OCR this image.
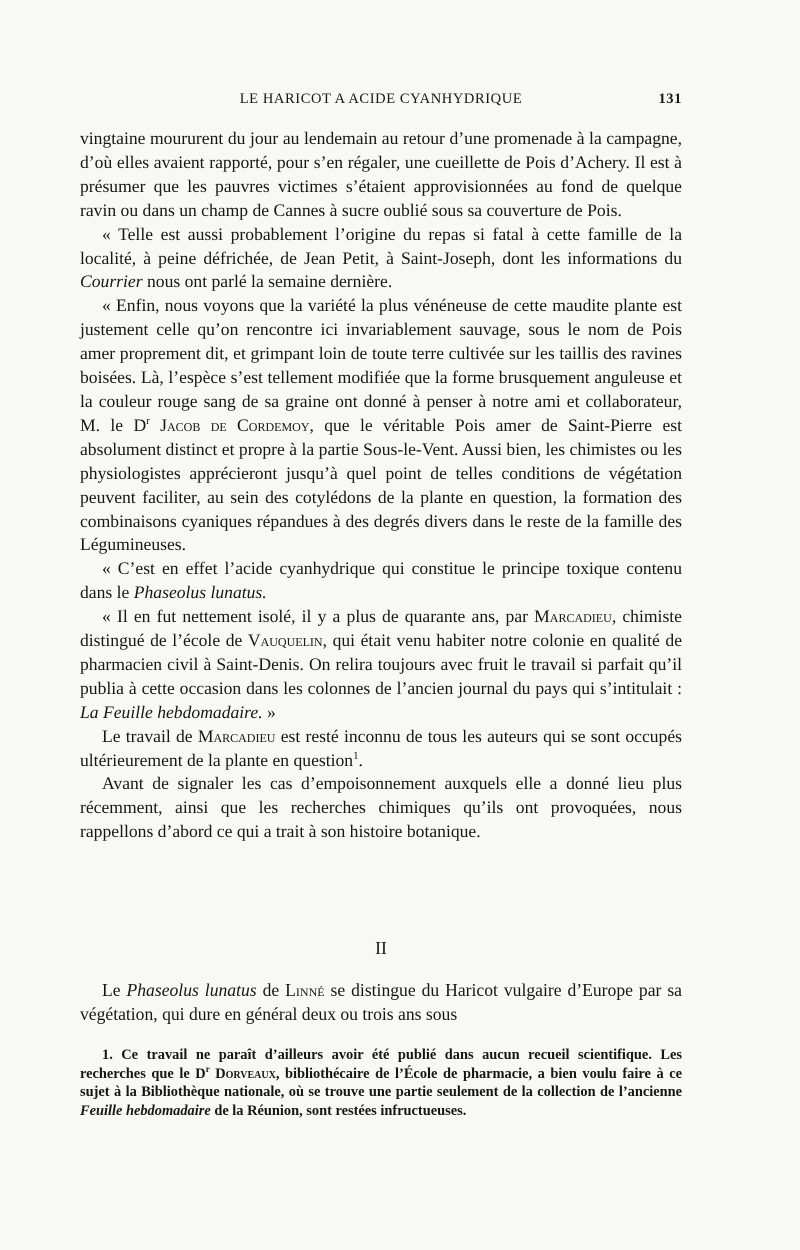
LE HARICOT A ACIDE CYANHYDRIQUE	131

vingtaine moururent du jour au lendemain au retour d’une promenade à la campagne, d’où elles avaient rapporté, pour s’en régaler, une cueillette de Pois d’Achery. Il est à présumer que les pauvres victimes s’étaient approvisionnées au fond de quelque ravin ou dans un champ de Cannes à sucre oublié sous sa couverture de Pois.

« Telle est aussi probablement l’origine du repas si fatal à cette famille de la localité, à peine défrichée, de Jean Petit, à Saint-Joseph, dont les informations du Courrier nous ont parlé la semaine dernière.

« Enfin, nous voyons que la variété la plus vénéneuse de cette maudite plante est justement celle qu’on rencontre ici invariablement sauvage, sous le nom de Pois amer proprement dit, et grimpant loin de toute terre cultivée sur les taillis des ravines boisées. Là, l’espèce s’est tellement modifiée que la forme brusquement anguleuse et la couleur rouge sang de sa graine ont donné à penser à notre ami et collaborateur, M. le $D^r$ Jacob de Cordemoy, que le véritable Pois amer de Saint-Pierre est absolument distinct et propre à la partie Sous-le-Vent. Aussi bien, les chimistes ou les physiologistes apprécieront jusqu’à quel point de telles conditions de végétation peuvent faciliter, au sein des cotylédons de la plante en question, la formation des combinaisons cyaniques répandues à des degrés divers dans le reste de la famille des Légumineuses.

« C’est en effet l’acide cyanhydrique qui constitue le principe toxique contenu dans le Phaseolus lunatus.

« Il en fut nettement isolé, il y a plus de quarante ans, par Marcadieu, chimiste distingué de l’école de Vauquelin, qui était venu habiter notre colonie en qualité de pharmacien civil à Saint-Denis. On relira toujours avec fruit le travail si parfait qu’il publia à cette occasion dans les colonnes de l’ancien journal du pays qui s’intitulait : La Feuille hebdomadaire. »

Le travail de Marcadieu est resté inconnu de tous les auteurs qui se sont occupés ultérieurement de la plante en question$^1$.

Avant de signaler les cas d’empoisonnement auxquels elle a donné lieu plus récemment, ainsi que les recherches chimiques qu’ils ont provoquées, nous rappellons d’abord ce qui a trait à son histoire botanique.

II

Le Phaseolus lunatus de Linné se distingue du Haricot vulgaire d’Europe par sa végétation, qui dure en général deux ou trois ans sous

1. Ce travail ne paraît d’ailleurs avoir été publié dans aucun recueil scientifique. Les recherches que le $D^r$ Dorveaux, bibliothécaire de l’École de pharmacie, a bien voulu faire à ce sujet à la Bibliothèque nationale, où se trouve une partie seulement de la collection de l’ancienne Feuille hebdomadaire de la Réunion, sont restées infructueuses.
